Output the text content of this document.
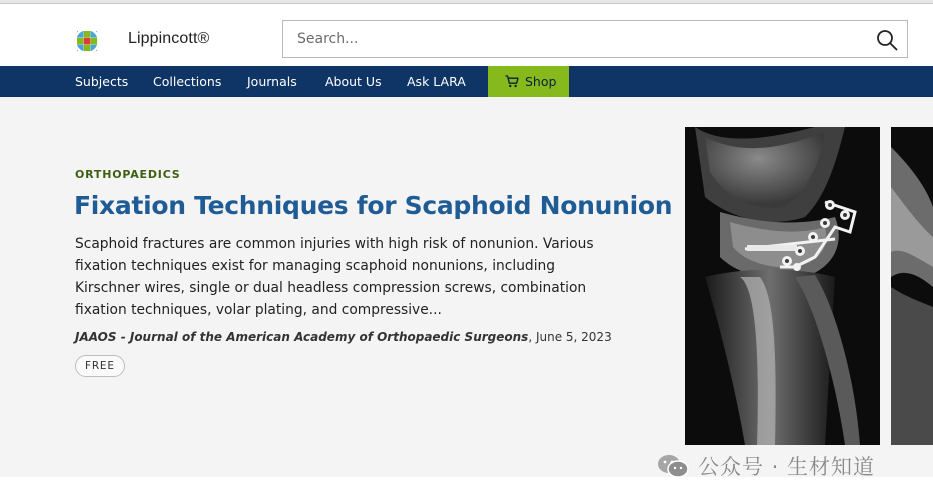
Lippincott®
Search...
Subjects Collections Journals About Us Ask LARA	Shop
ORTHOPAEDICS
Fixation Techniques for Scaphoid Nonunion

Scaphoid fractures are common injuries with high risk of nonunion. Various fixation techniques exist for managing scaphoid nonunions, including Kirschner wires, single or dual headless compression screws, combination fixation techniques, volar plating, and compressive...

JAAOS - Journal of the American Academy of Orthopaedic Surgeons, June 5, 2023
FREE
公众号 · 生材知道
